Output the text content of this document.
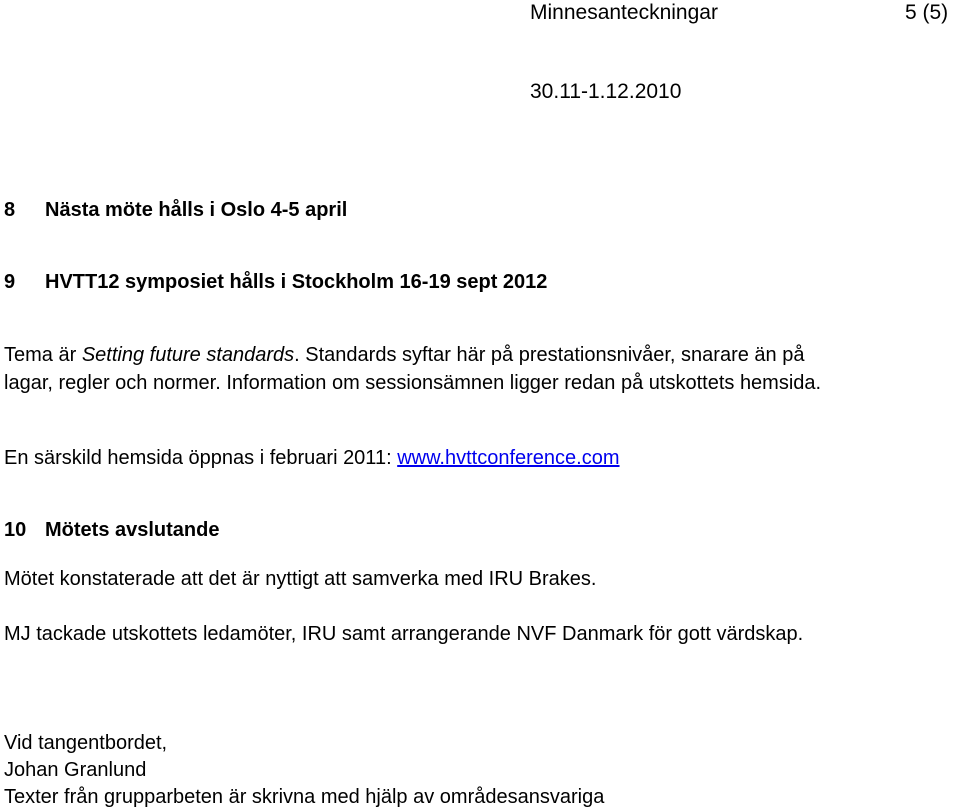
Minnesanteckningar	5 (5)
30.11-1.12.2010
8 Nästa möte hålls i Oslo 4-5 april
9 HVTT12 symposiet hålls i Stockholm 16-19 sept 2012
Tema är Setting future standards. Standards syftar här på prestationsnivåer, snarare än på
lagar, regler och normer. Information om sessionsämnen ligger redan på utskottets hemsida.
En särskild hemsida öppnas i februari 2011: www.hvttconference.com
10 Mötets avslutande
Mötet konstaterade att det är nyttigt att samverka med IRU Brakes.
MJ tackade utskottets ledamöter, IRU samt arrangerande NVF Danmark för gott värdskap.
Vid tangentbordet,
Johan Granlund
Texter från grupparbeten är skrivna med hjälp av områdesansvariga
